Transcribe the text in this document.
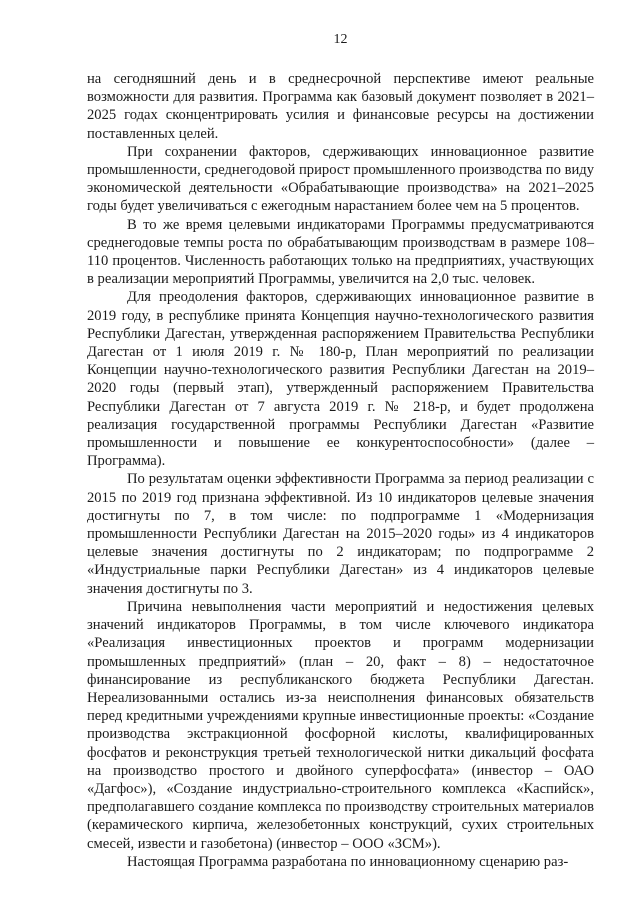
12

на сегодняшний день и в среднесрочной перспективе имеют реальные возможности для развития. Программа как базовый документ позволяет в 2021–2025 годах сконцентрировать усилия и финансовые ресурсы на достижении поставленных целей.

При сохранении факторов, сдерживающих инновационное развитие промышленности, среднегодовой прирост промышленного производства по виду экономической деятельности «Обрабатывающие производства» на 2021–2025 годы будет увеличиваться с ежегодным нарастанием более чем на 5 процентов.

В то же время целевыми индикаторами Программы предусматриваются среднегодовые темпы роста по обрабатывающим производствам в размере 108–110 процентов. Численность работающих только на предприятиях, участвующих в реализации мероприятий Программы, увеличится на 2,0 тыс. человек.

Для преодоления факторов, сдерживающих инновационное развитие в 2019 году, в республике принята Концепция научно-технологического развития Республики Дагестан, утвержденная распоряжением Правительства Республики Дагестан от 1 июля 2019 г. № 180-р, План мероприятий по реализации Концепции научно-технологического развития Республики Дагестан на 2019–2020 годы (первый этап), утвержденный распоряжением Правительства Республики Дагестан от 7 августа 2019 г. № 218-р, и будет продолжена реализация государственной программы Республики Дагестан «Развитие промышленности и повышение ее конкурентоспособности» (далее – Программа).

По результатам оценки эффективности Программа за период реализации с 2015 по 2019 год признана эффективной. Из 10 индикаторов целевые значения достигнуты по 7, в том числе: по подпрограмме 1 «Модернизация промышленности Республики Дагестан на 2015–2020 годы» из 4 индикаторов целевые значения достигнуты по 2 индикаторам; по подпрограмме 2 «Индустриальные парки Республики Дагестан» из 4 индикаторов целевые значения достигнуты по 3.

Причина невыполнения части мероприятий и недостижения целевых значений индикаторов Программы, в том числе ключевого индикатора «Реализация инвестиционных проектов и программ модернизации промышленных предприятий» (план – 20, факт – 8) – недостаточное финансирование из республиканского бюджета Республики Дагестан. Нереализованными остались из-за неисполнения финансовых обязательств перед кредитными учреждениями крупные инвестиционные проекты: «Создание производства экстракционной фосфорной кислоты, квалифицированных фосфатов и реконструкция третьей технологической нитки дикальций фосфата на производство простого и двойного суперфосфата» (инвестор – ОАО «Дагфос»), «Создание индустриально-строительного комплекса «Каспийск», предполагавшего создание комплекса по производству строительных материалов (керамического кирпича, железобетонных конструкций, сухих строительных смесей, извести и газобетона) (инвестор – ООО «ЗСМ»).

Настоящая Программа разработана по инновационному сценарию раз-
